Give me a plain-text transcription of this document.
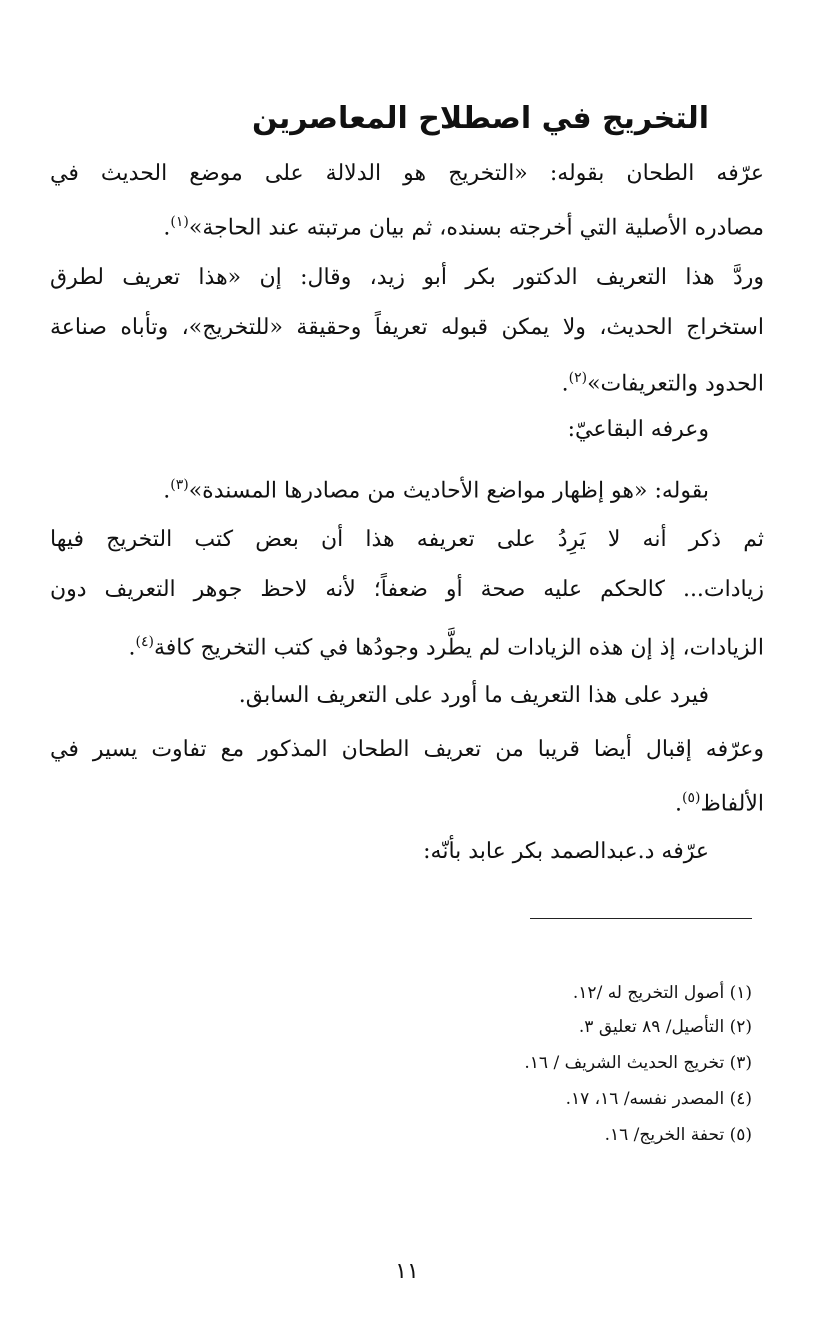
التخريج في اصطلاح المعاصرين

عرّفه الطحان بقوله: «التخريج هو الدلالة على موضع الحديث في

مصادره الأصلية التي أخرجته بسنده، ثم بيان مرتبته عند الحاجة»$^{(١)}$.

وردَّ هذا التعريف الدكتور بكر أبو زيد، وقال: إن «هذا تعريف لطرق

استخراج الحديث، ولا يمكن قبوله تعريفاً وحقيقة «للتخريج»، وتأباه صناعة

الحدود والتعريفات»$^{(٢)}$.

وعرفه البقاعيّ:

بقوله: «هو إظهار مواضع الأحاديث من مصادرها المسندة»$^{(٣)}$.

ثم ذكر أنه لا يَرِدُ على تعريفه هذا أن بعض كتب التخريج فيها

زيادات... كالحكم عليه صحة أو ضعفاً؛ لأنه لاحظ جوهر التعريف دون

الزيادات، إذ إن هذه الزيادات لم يطَّرد وجودُها في كتب التخريج كافة$^{(٤)}$.

فيرد على هذا التعريف ما أورد على التعريف السابق.

وعرّفه إقبال أيضا قريبا من تعريف الطحان المذكور مع تفاوت يسير في

الألفاظ$^{(٥)}$.

عرّفه د.عبدالصمد بكر عابد بأنّه:

(١) أصول التخريج له /١٢.

(٢) التأصيل/ ٨٩ تعليق ٣.

(٣) تخريج الحديث الشريف / ١٦.

(٤) المصدر نفسه/ ١٦، ١٧.

(٥) تحفة الخريج/ ١٦.

١١
